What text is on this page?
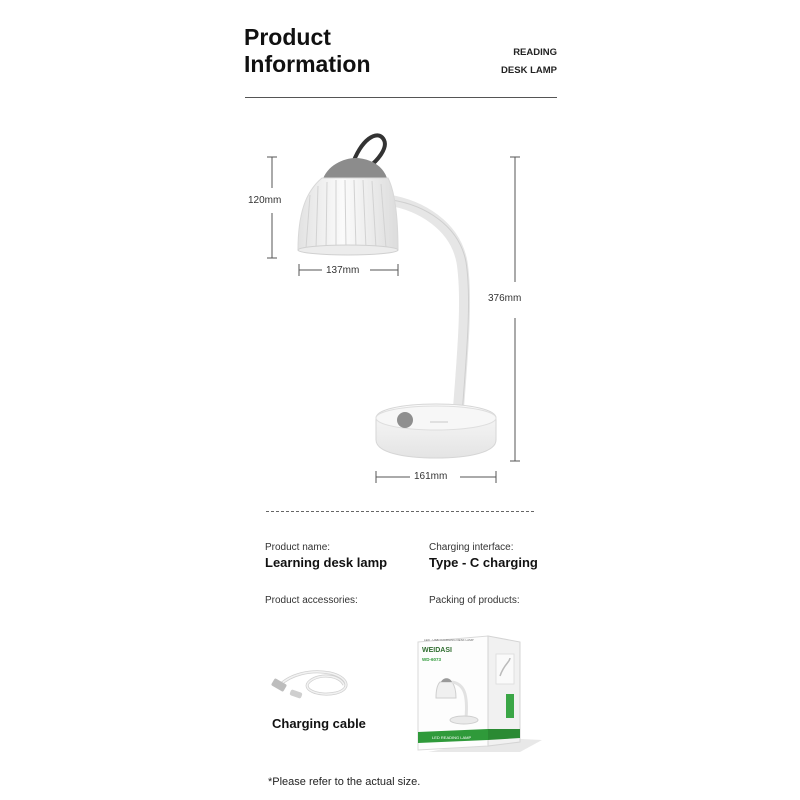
Product
Information	READING
DESK LAMP
120mm
137mm
376mm
161mm
Product name:
Learning desk lamp
Charging interface:
Type - C charging
Product accessories:	Packing of products:
Charging cable
WEIDASI
WD-6073
LED · USB CHARGING DESK LAMP
LED READING LAMP
*Please refer to the actual size.
